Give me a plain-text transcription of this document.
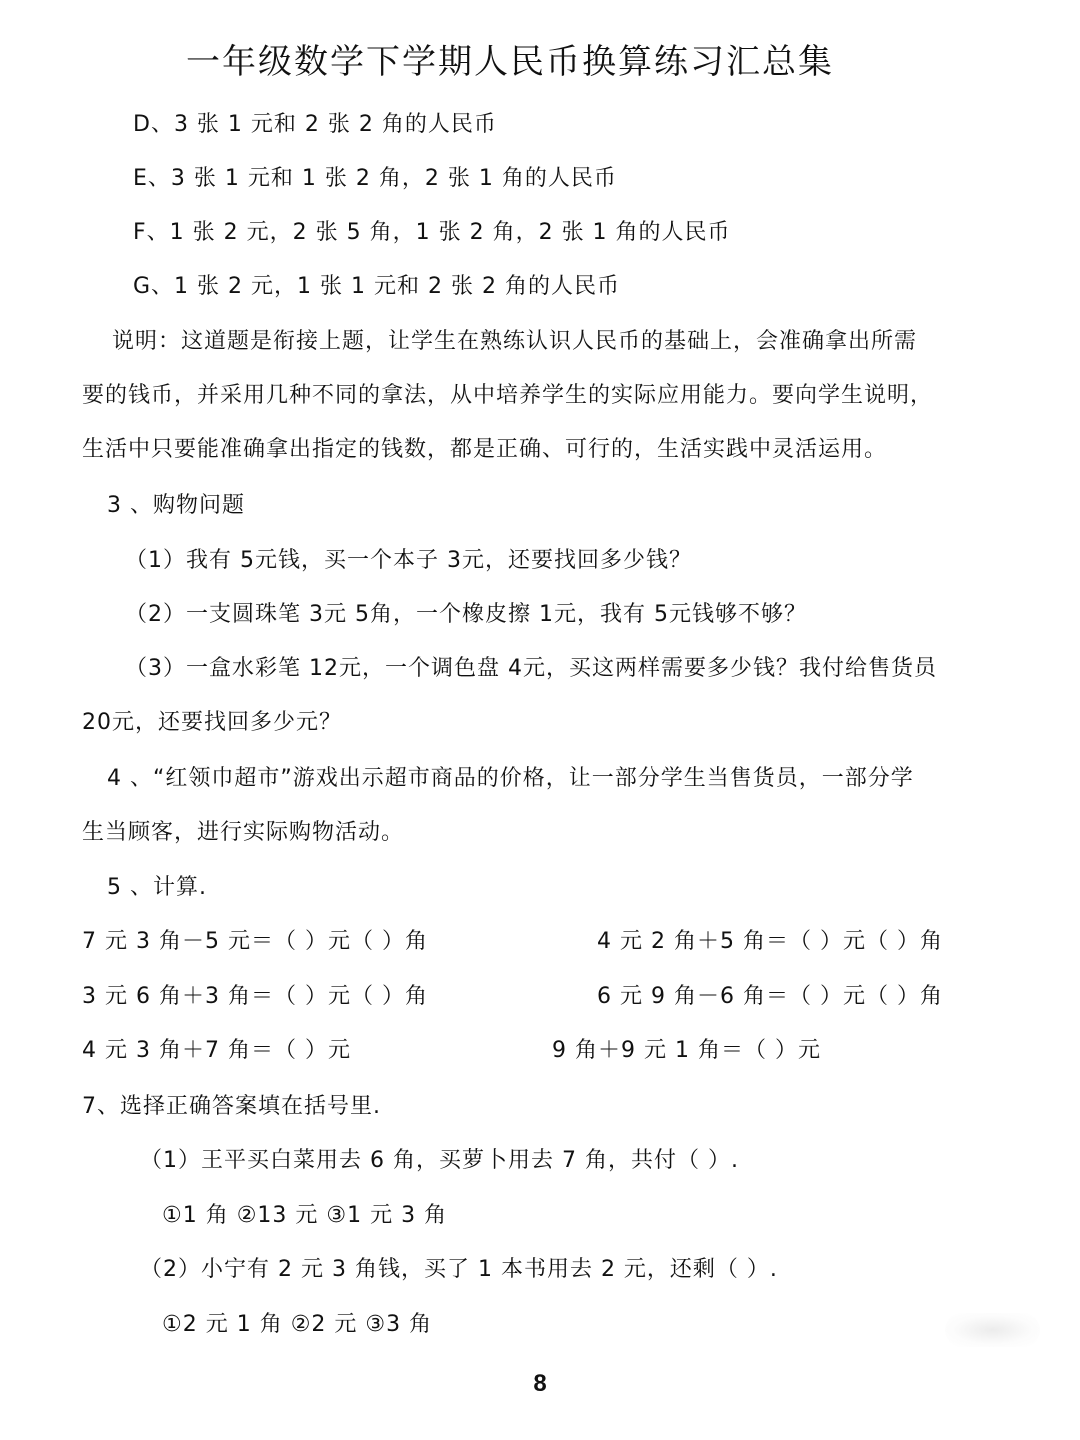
一年级数学下学期人民币换算练习汇总集
D、3 张 1 元和 2 张 2 角的人民币
E、3 张 1 元和 1 张 2 角，2 张 1 角的人民币
F、1 张 2 元，2 张 5 角，1 张 2 角，2 张 1 角的人民币
G、1 张 2 元，1 张 1 元和 2 张 2 角的人民币
说明：这道题是衔接上题，让学生在熟练认识人民币的基础上，会准确拿出所需
要的钱币，并采用几种不同的拿法，从中培养学生的实际应用能力。要向学生说明，
生活中只要能准确拿出指定的钱数，都是正确、可行的，生活实践中灵活运用。
3 、购物问题
（1）我有 5元钱，买一个本子 3元，还要找回多少钱？
（2）一支圆珠笔 3元 5角，一个橡皮擦 1元，我有 5元钱够不够？
（3）一盒水彩笔 12元，一个调色盘 4元，买这两样需要多少钱？我付给售货员
20元，还要找回多少元？
4 、“红领巾超市”游戏出示超市商品的价格，让一部分学生当售货员，一部分学
生当顾客，进行实际购物活动。
5 、计算.
7 元 3 角－5 元＝（ ）元（ ）角	4 元 2 角＋5 角＝（ ）元（ ）角
3 元 6 角＋3 角＝（ ）元（ ）角	6 元 9 角－6 角＝（ ）元（ ）角
4 元 3 角＋7 角＝（ ）元	9 角＋9 元 1 角＝（ ）元
7、选择正确答案填在括号里.
（1）王平买白菜用去 6 角，买萝卜用去 7 角，共付（ ）.
①1 角 ②13 元 ③1 元 3 角
（2）小宁有 2 元 3 角钱，买了 1 本书用去 2 元，还剩（ ）.
①2 元 1 角 ②2 元 ③3 角
8
